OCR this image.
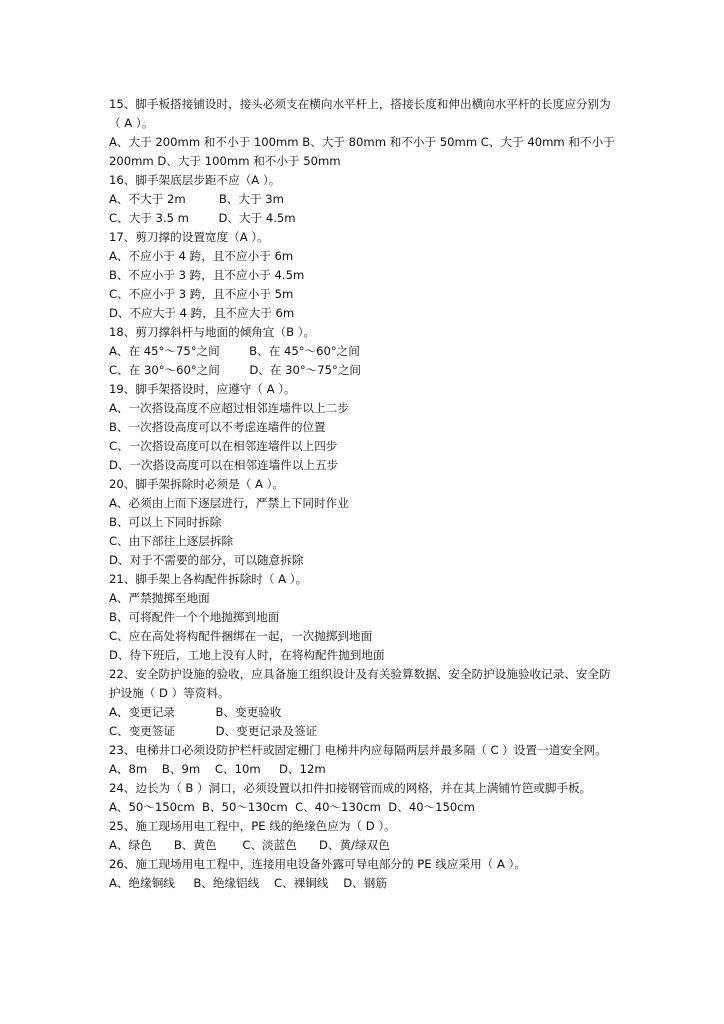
15、脚手板搭接铺设时，接头必须支在横向水平杆上，搭接长度和伸出横向水平杆的长度应分别为（ A ）。
A、大于 200mm 和不小于 100mm B、大于 80mm 和不小于 50mm C、大于 40mm 和不小于 200mm D、大于 100mm 和不小于 50mm
16、脚手架底层步距不应（A ）。
A、不大于 2m         B、大于 3m
C、大于 3.5 m        D、大于 4.5m
17、剪刀撑的设置宽度（A ）。
A、不应小于 4 跨，且不应小于 6m
B、不应小于 3 跨，且不应小于 4.5m
C、不应小于 3 跨，且不应小于 5m
D、不应大于 4 跨，且不应大于 6m
18、剪刀撑斜杆与地面的倾角宜（B ）。
A、在 45°～75°之间        B、在 45°～60°之间
C、在 30°～60°之间        D、在 30°～75°之间
19、脚手架搭设时，应遵守（ A ）。
A、一次搭设高度不应超过相邻连墙件以上二步
B、一次搭设高度可以不考虑连墙件的位置
C、一次搭设高度可以在相邻连墙件以上四步
D、一次搭设高度可以在相邻连墙件以上五步
20、脚手架拆除时必须是（ A ）。
A、必须由上而下逐层进行，严禁上下同时作业
B、可以上下同时拆除
C、由下部往上逐层拆除
D、对于不需要的部分，可以随意拆除
21、脚手架上各构配件拆除时（ A ）。
A、严禁抛掷至地面
B、可将配件一个个地抛掷到地面
C、应在高处将构配件捆绑在一起，一次抛掷到地面
D、待下班后，工地上没有人时，在将构配件抛到地面
22、安全防护设施的验收，应具备施工组织设计及有关验算数据、安全防护设施验收记录、安全防护设施（ D ）等资料。
A、变更记录           B、变更验收
C、变更签证           D、变更记录及签证
23、电梯井口必须设防护栏杆或固定栅门 电梯井内应每隔两层并最多隔（ C ）设置一道安全网。
A、8m    B、9m    C、10m     D、12m
24、边长为（ B ）洞口，必须设置以扣件扣接钢管而成的网格，并在其上满铺竹笆或脚手板。
A、50～150cm  B、50～130cm  C、40～130cm  D、40～150cm
25、施工现场用电工程中，PE 线的绝缘色应为（ D ）。
A、绿色      B、黄色       C、淡蓝色      D、黄/绿双色
26、施工现场用电工程中，连接用电设备外露可导电部分的 PE 线应采用（ A ）。
A、绝缘铜线     B、绝缘铝线    C、裸铜线    D、钢筋
